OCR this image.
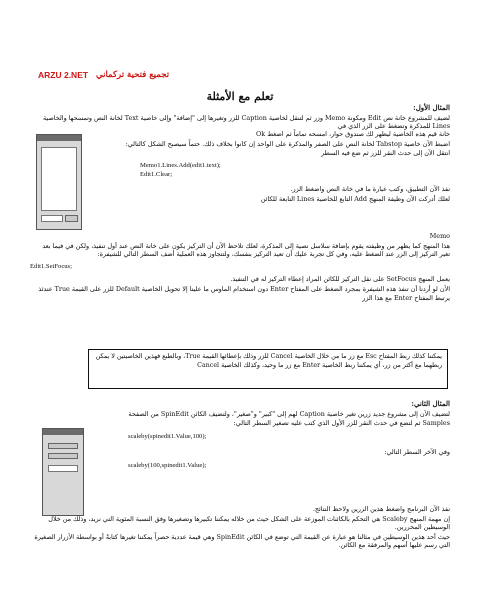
ARZU 2.NET تجميع فتحية تركماني
تعلم مع الأمثلة

المثال الأول:

لضيف للمشروع خانة نص Edit ومكونة Memo وزر ثم لتنقل لخاصية Caption للزر وتغيرها إلى "إضافة" وإلى خاصية Text لخانة النص وتمسحها والخاصية Lines للمذكرة وتضغط على الزر الذي في

خانة قيم هذه الخاصية ليظهر لك صندوق حوار، امسحه تماماً ثم اضغط Ok

اضبط الآن خاصية Tabstop لخانة النص على الصفر والمذكرة على الواحد إن كانوا بخلاف ذلك. حتماً سيصبح الشكل كالتالي:

انتقل الآن إلى حدث النقر للزر ثم ضع فيه السطر

Memo1.Lines.Add(edit1.text);

Edit1.Clear;

نفذ الآن التطبيق، وكتب عبارة ما في خانة النص واضغط الزر.

لعلك أدركت الآن وظيفة المنهج Add التابع للخاصية Lines التابعة للكائن

Memo

هذا المنهج كما يظهر من وظيفته يقوم بإضافة سلاسل نصية إلى المذكرة، لعلك تلاحظ الآن أن التركيز يكون على خانة النص عند أول تنفيذ، ولكن في فيما بعد تغير التركيز إلى الزر عند الضغط عليه، وفي كل تجربة عليك أن تعيد التركيز بنفسك، ولتتجاوز هذه العملية أضف السطر التالي للشيفرة:

Edit1.SetFocus;

يعمل المنهج SetFocus على نقل التركيز للكائن المراد إعطاء التركيز له في التنفيذ.

الأن لو أردنا أن تنفذ هذه الشيفرة بمجرد الضغط على المفتاح Enter دون استخدام الماوس ما علينا إلا تحويل الخاصية Default للزر على القيمة True عندئذ يرتبط المفتاح Enter مع هذا الزر

يمكننا كذلك ربط المفتاح Esc مع زر ما من خلال الخاصية Cancel للزر وذلك بإعطائها القيمة True، وبالطبع فهذين الخاصيتين لا يمكن ربطهما مع أكثر من زر، أي يمكننا ربط الخاصية Enter مع زر ما وحيد، وكذلك الخاصية Cancel

المثال الثاني:

لتضيف الآن إلى مشروع جديد زرين تغير خاصية Caption لهم إلى "كبير" و"صغير"، ولتضيف الكائن SpinEdit من الصفحة Samples ثم لتضع في حدث النقر للزر الأول الذي كتب عليه تصغير السطر التالي:

scaleby(spinedit1.Value,100);

وفي الآخر السطر التالي:

scaleby(100,spinedit1.Value);

نفذ الآن البرنامج واضغط هذين الزرين ولاحظ النتائج.

إن مهمة المنهج Scaleby هي التحكم بالكائنات الموزعة على الشكل حيث من خلاله يمكننا تكبيرها وتصغيرها وفق النسبة المئوية التي نريد، وذلك من خلال الوسيطين المحررين.

حيث أحد هذين الوسيطين في مثالنا هو عبارة عن القيمة التي توضع في الكائن SpinEdit وهي قيمة عددية حصراً يمكننا تغيرها كتابةً أو بواسطة الأزرار الصغيرة التي رسم عليها أسهم والمرفقة مع الكائن.
